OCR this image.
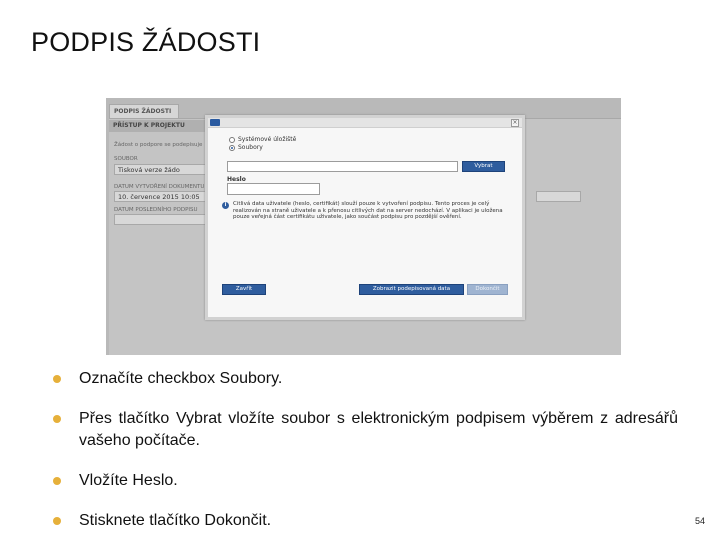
PODPIS ŽÁDOSTI
PODPIS ŽÁDOSTI
PŘÍSTUP K PROJEKTU
Žádost o podpore se podepisuje
SOUBOR
Tisková verze žádo
DATUM VYTVOŘENÍ DOKUMENTU
10. července 2015 10:05
DATUM POSLEDNÍHO PODPISU
×
Systémové úložiště
Soubory
Vybrat
Heslo
i	Citlivá data uživatele (heslo, certifikát) slouží pouze k vytvoření podpisu. Tento proces je celý realizován na straně uživatele a k přenosu citlivých dat na server nedochází. V aplikaci je uložena pouze veřejná část certifikátu uživatele, jako součást podpisu pro pozdější ověření.
Zavřít	Zobrazit podepisovaná data	Dokončit
Označíte checkbox Soubory.
Přes tlačítko Vybrat vložíte soubor s elektronickým podpisem výběrem z adresářů vašeho počítače.
Vložíte Heslo.
Stisknete tlačítko Dokončit.	54
